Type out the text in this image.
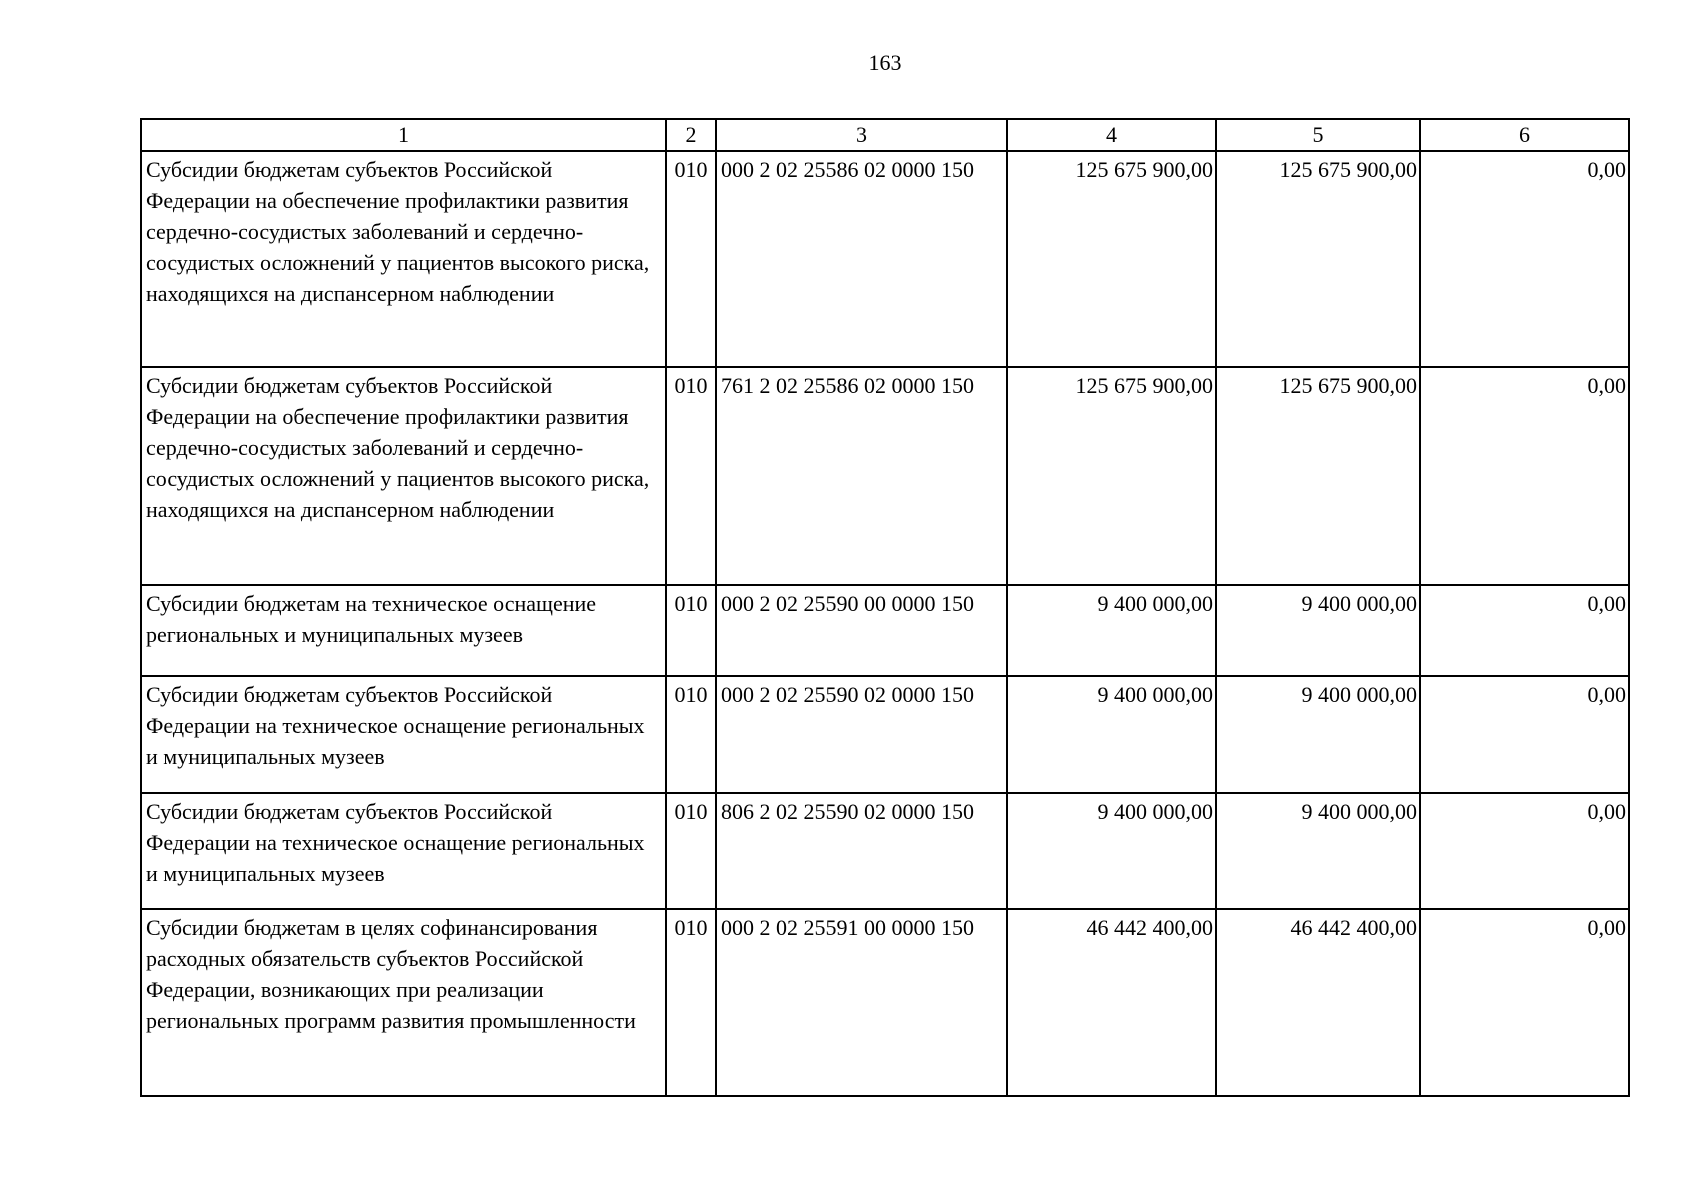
163
1	2	3	4	5	6
Субсидии бюджетам субъектов Российской Федерации на обеспечение профилактики развития сердечно-сосудистых заболеваний и сердечно-сосудистых осложнений у пациентов высокого риска, находящихся на диспансерном наблюдении	010	000 2 02 25586 02 0000 150	125 675 900,00	125 675 900,00	0,00
Субсидии бюджетам субъектов Российской Федерации на обеспечение профилактики развития сердечно-сосудистых заболеваний и сердечно-сосудистых осложнений у пациентов высокого риска, находящихся на диспансерном наблюдении	010	761 2 02 25586 02 0000 150	125 675 900,00	125 675 900,00	0,00
Субсидии бюджетам на техническое оснащение региональных и муниципальных музеев	010	000 2 02 25590 00 0000 150	9 400 000,00	9 400 000,00	0,00
Субсидии бюджетам субъектов Российской Федерации на техническое оснащение региональных и муниципальных музеев	010	000 2 02 25590 02 0000 150	9 400 000,00	9 400 000,00	0,00
Субсидии бюджетам субъектов Российской Федерации на техническое оснащение региональных и муниципальных музеев	010	806 2 02 25590 02 0000 150	9 400 000,00	9 400 000,00	0,00
Субсидии бюджетам в целях софинансирования расходных обязательств субъектов Российской Федерации, возникающих при реализации региональных программ развития промышленности	010	000 2 02 25591 00 0000 150	46 442 400,00	46 442 400,00	0,00
